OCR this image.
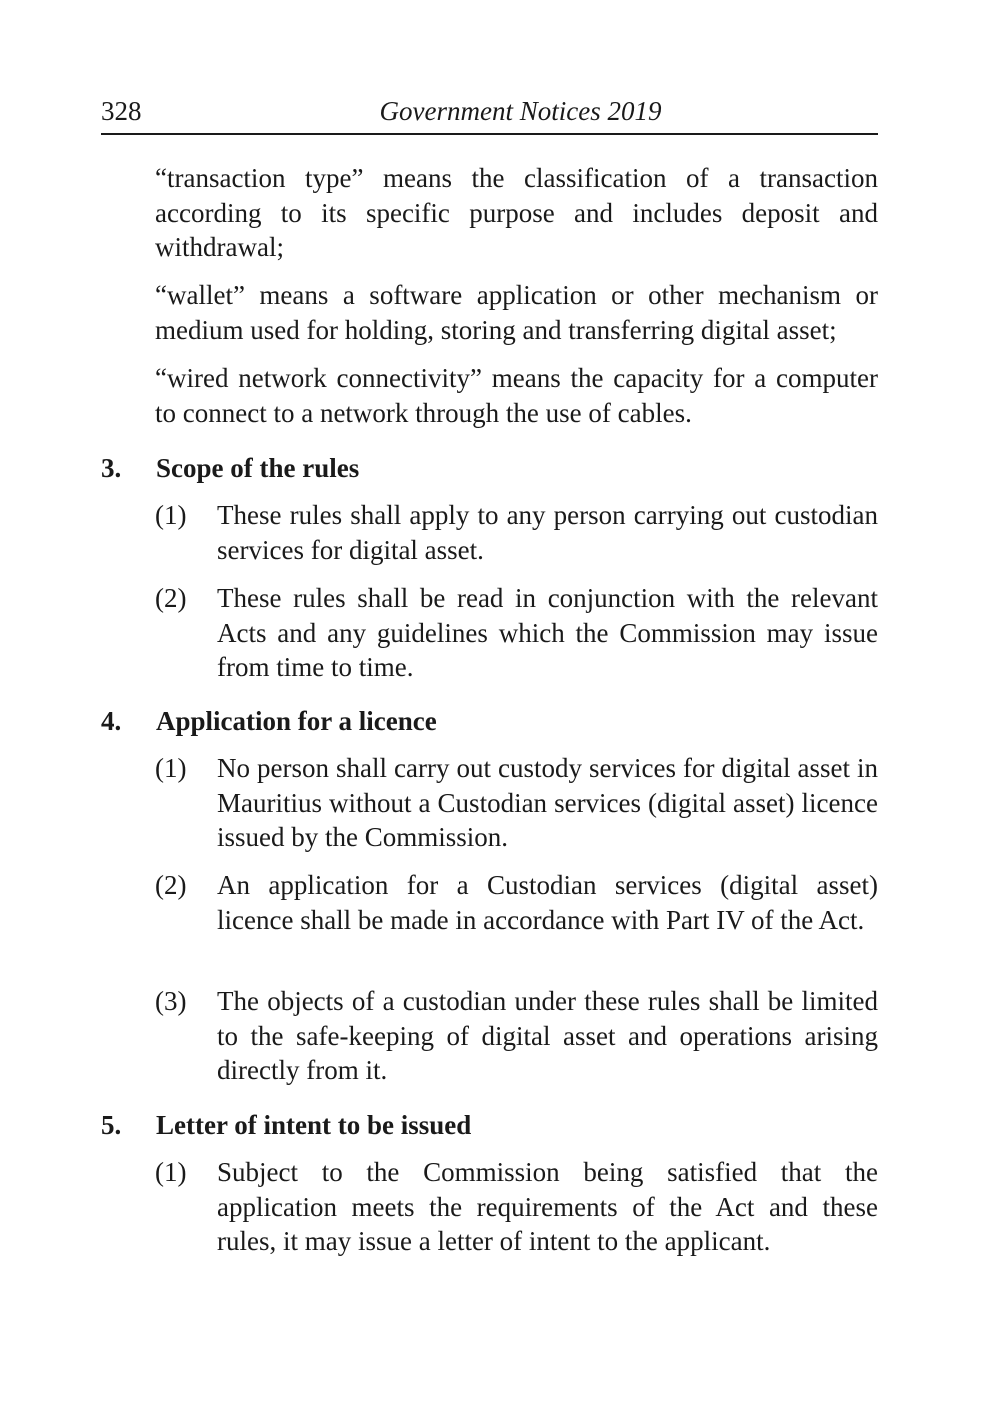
328	Government Notices 2019

“transaction type” means the classification of a transaction according to its specific purpose and includes deposit and withdrawal;

“wallet” means a software application or other mechanism or medium used for holding, storing and transferring digital asset;

“wired network connectivity” means the capacity for a computer to connect to a network through the use of cables.

3. Scope of the rules
(1) These rules shall apply to any person carrying out custodian services for digital asset.

(2) These rules shall be read in conjunction with the relevant Acts and any guidelines which the Commission may issue from time to time.

4. Application for a licence
(1) No person shall carry out custody services for digital asset in Mauritius without a Custodian services (digital asset) licence issued by the Commission.

(2) An application for a Custodian services (digital asset) licence shall be made in accordance with Part IV of the Act.

(3) The objects of a custodian under these rules shall be limited to the safe-keeping of digital asset and operations arising directly from it.

5. Letter of intent to be issued
(1) Subject to the Commission being satisfied that the application meets the requirements of the Act and these rules, it may issue a letter of intent to the applicant.
